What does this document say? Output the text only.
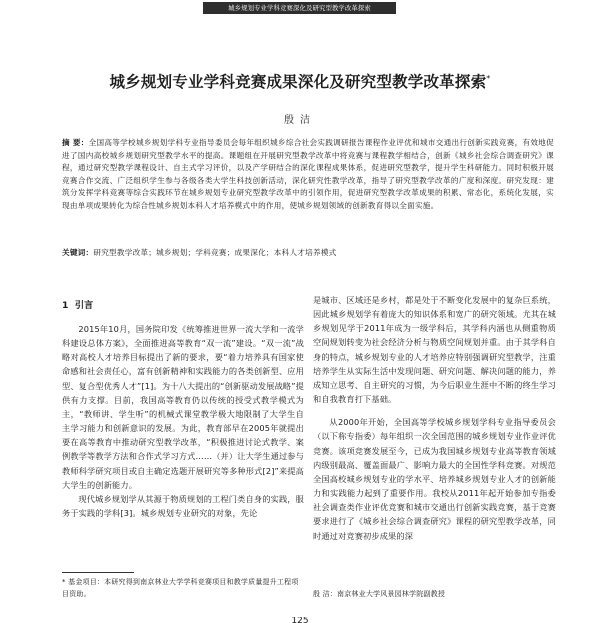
城乡规划专业学科竞赛深化及研究型教学改革探索
城乡规划专业学科竞赛成果深化及研究型教学改革探索*
殷洁
摘 要：全国高等学校城乡规划学科专业指导委员会每年组织城乡综合社会实践调研报告课程作业评优和城市交通出行创新实践竞赛，有效地促进了国内高校城乡规划研究型教学水平的提高。课题组在开展研究型教学改革中将竞赛与课程教学相结合，创新《城乡社会综合调查研究》课程，通过研究型教学课程设计、自主式学习评价，以及产学研结合的深化课程成果体系，促进研究型教学，提升学生科研能力。同时积极开展竞赛合作交流、广泛组织学生参与各级各类大学生科技创新活动，深化研究性教学改革，指导了研究型教学改革的广度和深度。研究发现：建筑分发挥学科竞赛等综合实践环节在城乡规划专业研究型教学改革中的引领作用，促进研究型教学改革成果的积累、常态化，系统化发展，实现由单项成果转化为综合性城乡规划本科人才培养模式中的作用，使城乡规划领域的创新教育得以全面实施。
关键词：研究型教学改革；城乡规划；学科竞赛；成果深化；本科人才培养模式
1 引言

2015年10月，国务院印发《统筹推进世界一流大学和一流学科建设总体方案》，全面推进高等教育“双一流”建设。“双一流”战略对高校人才培养目标提出了新的要求，要“着力培养具有国家使命感和社会责任心，富有创新精神和实践能力的各类创新型、应用型、复合型优秀人才”[1]。为十八大提出的“创新驱动发展战略”提供有力支撑。目前，我国高等教育仍以传统的授受式教学模式为主，“教师讲、学生听”的机械式课堂教学极大地限制了大学生自主学习能力和创新意识的发展。为此，教育部早在2005年就提出要在高等教育中推动研究型教学改革，“积极推进讨论式教学、案例教学等教学方法和合作式学习方式……（并）让大学生通过参与教师科学研究项目或自主确定选题开展研究等多种形式[2]”来提高大学生的创新能力。

现代城乡规划学从其源于物质规划的工程门类自身的实践，服务于实践的学科[3]。城乡规划专业研究的对象，先论

是城市、区域还是乡村，都是处于不断变化发展中的复杂巨系统，因此城乡规划学有着庞大的知识体系和宽广的研究领域。尤其在城乡规划见学于2011年成为一级学科后，其学科内涵也从侧重物质空间规划转变为社会经济分析与物质空间规划并重。由于其学科自身的特点，城乡规划专业的人才培养应特别强调研究型教学，注重培养学生从实际生活中发现问题、研究问题、解决问题的能力，养成知立思考、自主研究的习惯，为今后职业生涯中不断的终生学习和自我教育打下基础。

从2000年开始，全国高等学校城乡规划学科专业指导委员会（以下称专指委）每年组织一次全国范围的城乡规划专业作业评优竞赛。该项竞赛发展至今，已成为我国城乡规划专业高等教育领域内级别最高、覆盖面最广、影响力最大的全国性学科竞赛。对规范全国高校城乡规划专业的学水平、培养城乡规划专业人才的创新能力和实践能力起到了重要作用。我校从2011年起开始参加专指委社会调查类作业评优竞赛和城市交通出行创新实践竞赛，基于竞赛要求进行了《城乡社会综合调查研究》课程的研究型教学改革，同时通过对竞赛初步成果的深

* 基金项目：本研究得到南京林业大学学科竞赛项目和教学质量提升工程项目资助。	殷 洁：南京林业大学风景园林学院副教授
125
